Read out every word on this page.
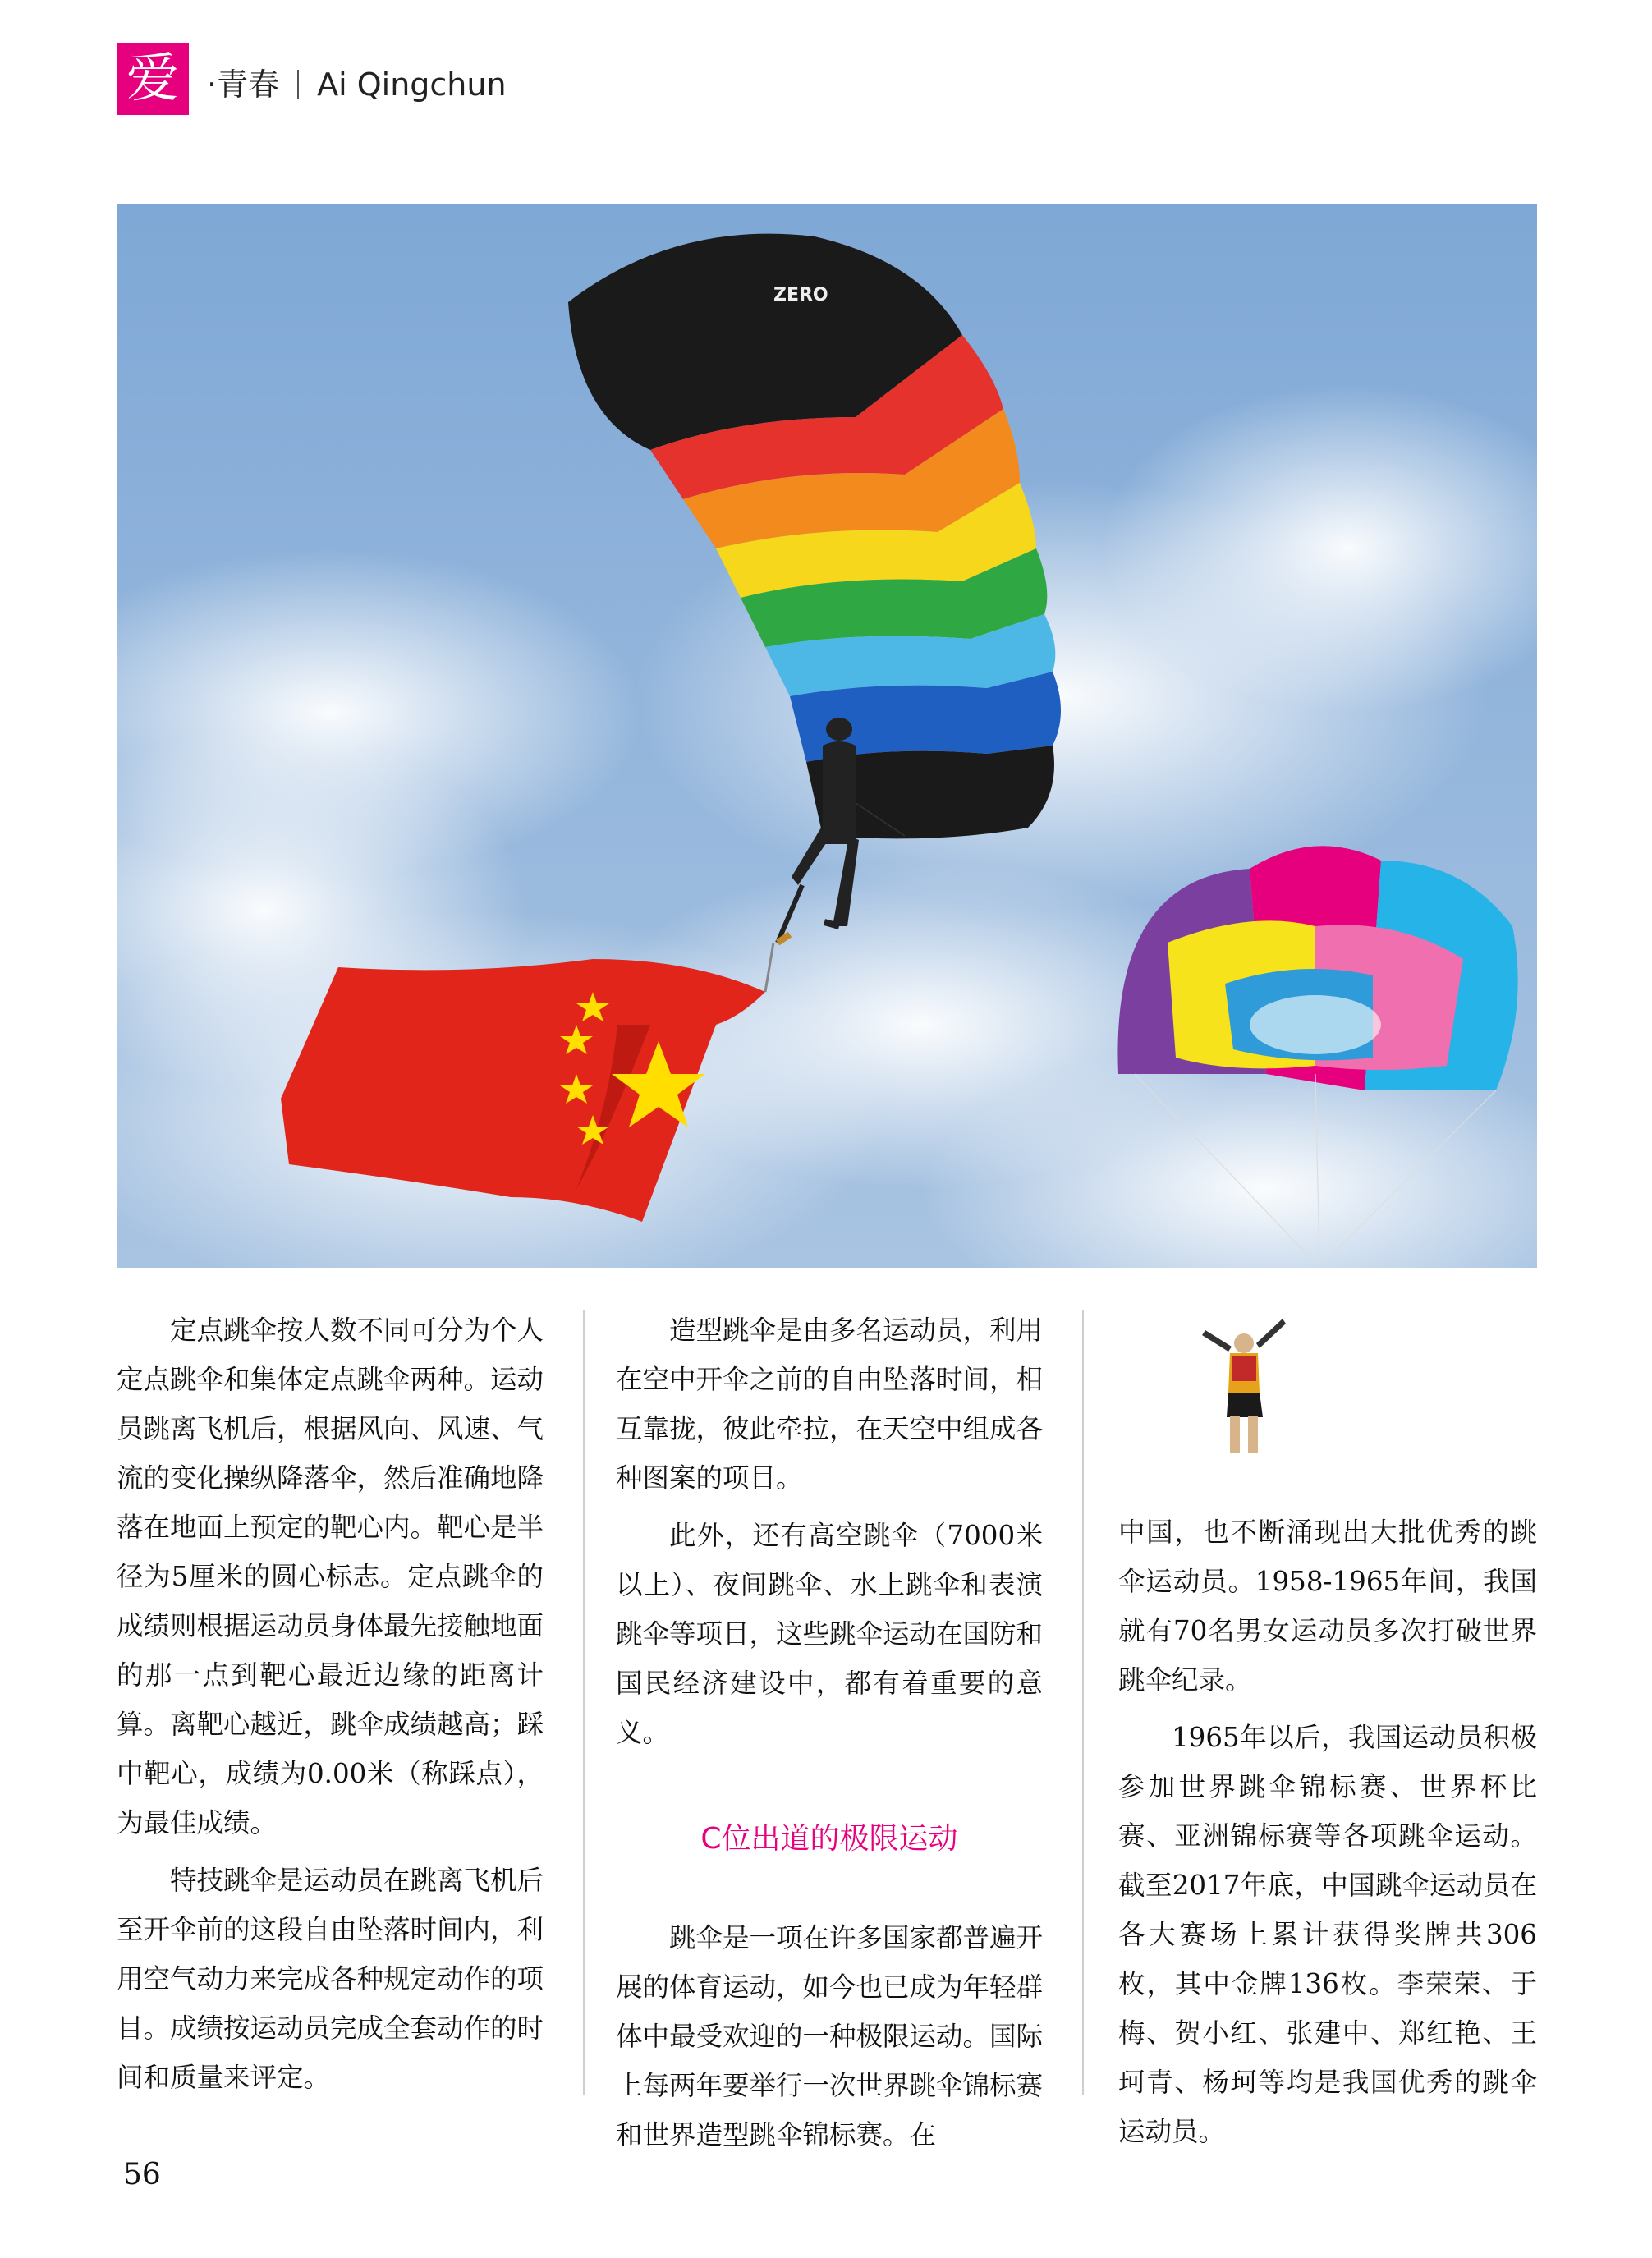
爱 ·青春 Ai Qingchun
ZERO

定点跳伞按人数不同可分为个人定点跳伞和集体定点跳伞两种。运动员跳离飞机后，根据风向、风速、气流的变化操纵降落伞，然后准确地降落在地面上预定的靶心内。靶心是半径为5厘米的圆心标志。定点跳伞的成绩则根据运动员身体最先接触地面的那一点到靶心最近边缘的距离计算。离靶心越近，跳伞成绩越高；踩中靶心，成绩为0.00米（称踩点），为最佳成绩。

特技跳伞是运动员在跳离飞机后至开伞前的这段自由坠落时间内，利用空气动力来完成各种规定动作的项目。成绩按运动员完成全套动作的时间和质量来评定。

造型跳伞是由多名运动员，利用在空中开伞之前的自由坠落时间，相互靠拢，彼此牵拉，在天空中组成各种图案的项目。

此外，还有高空跳伞（7000米以上）、夜间跳伞、水上跳伞和表演跳伞等项目，这些跳伞运动在国防和国民经济建设中，都有着重要的意义。

C位出道的极限运动

跳伞是一项在许多国家都普遍开展的体育运动，如今也已成为年轻群体中最受欢迎的一种极限运动。国际上每两年要举行一次世界跳伞锦标赛和世界造型跳伞锦标赛。在

中国，也不断涌现出大批优秀的跳伞运动员。1958-1965年间，我国就有70名男女运动员多次打破世界跳伞纪录。

1965年以后，我国运动员积极参加世界跳伞锦标赛、世界杯比赛、亚洲锦标赛等各项跳伞运动。截至2017年底，中国跳伞运动员在各大赛场上累计获得奖牌共306枚，其中金牌136枚。李荣荣、于梅、贺小红、张建中、郑红艳、王珂青、杨珂等均是我国优秀的跳伞运动员。

56
